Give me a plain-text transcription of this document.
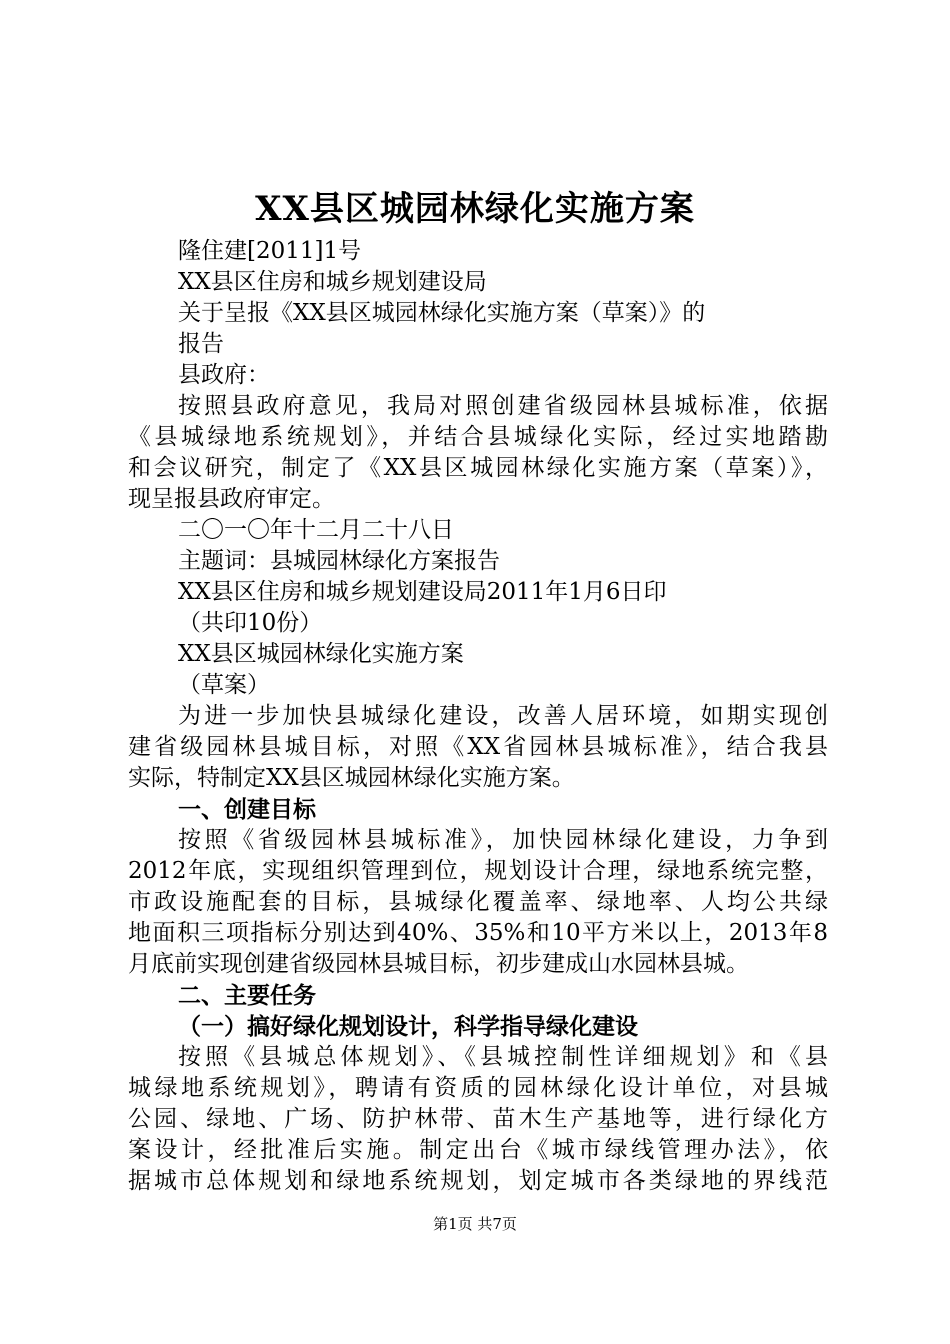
XX县区城园林绿化实施方案
隆住建[2011]1号
XX县区住房和城乡规划建设局
关于呈报《XX县区城园林绿化实施方案（草案）》的
报告
县政府：
按照县政府意见，我局对照创建省级园林县城标准，依据
《县城绿地系统规划》，并结合县城绿化实际，经过实地踏勘
和会议研究，制定了《XX县区城园林绿化实施方案（草案）》，
现呈报县政府审定。
二〇一〇年十二月二十八日
主题词：县城园林绿化方案报告
XX县区住房和城乡规划建设局2011年1月6日印
（共印10份）
XX县区城园林绿化实施方案
（草案）
为进一步加快县城绿化建设，改善人居环境，如期实现创
建省级园林县城目标，对照《XX省园林县城标准》，结合我县
实际，特制定XX县区城园林绿化实施方案。
一、创建目标
按照《省级园林县城标准》，加快园林绿化建设，力争到
2012年底，实现组织管理到位，规划设计合理，绿地系统完整，
市政设施配套的目标，县城绿化覆盖率、绿地率、人均公共绿
地面积三项指标分别达到40%、35%和10平方米以上，2013年8
月底前实现创建省级园林县城目标，初步建成山水园林县城。
二、主要任务
（一）搞好绿化规划设计，科学指导绿化建设
按照《县城总体规划》、《县城控制性详细规划》和《县
城绿地系统规划》，聘请有资质的园林绿化设计单位，对县城
公园、绿地、广场、防护林带、苗木生产基地等，进行绿化方
案设计，经批准后实施。制定出台《城市绿线管理办法》，依
据城市总体规划和绿地系统规划，划定城市各类绿地的界线范
第1页 共7页
